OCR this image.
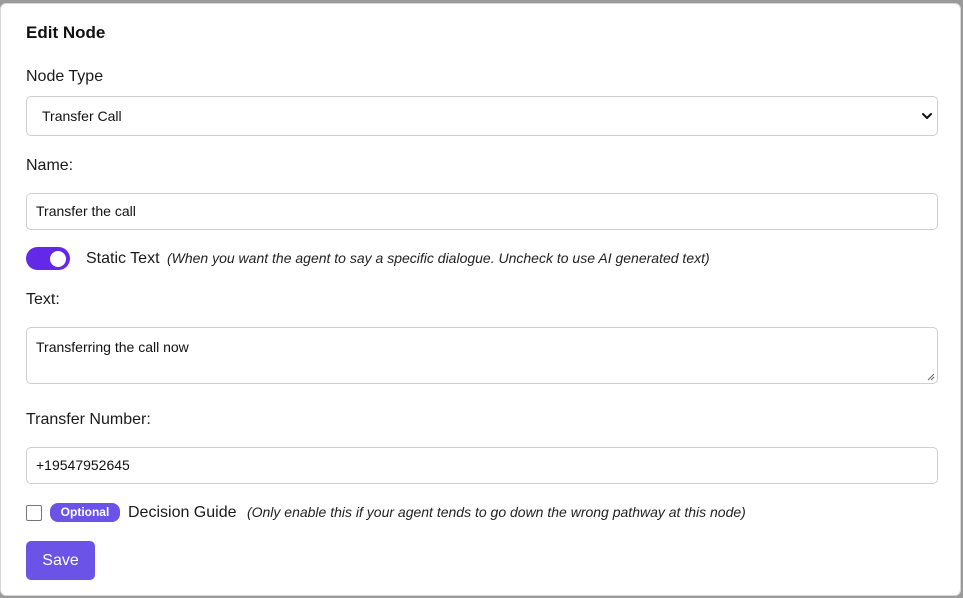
Edit Node
Node Type
Transfer Call
Name:
Transfer the call
Static Text (When you want the agent to say a specific dialogue. Uncheck to use AI generated text)
Text:
Transferring the call now
Transfer Number:
+19547952645
Optional	Decision Guide (Only enable this if your agent tends to go down the wrong pathway at this node)
Save
